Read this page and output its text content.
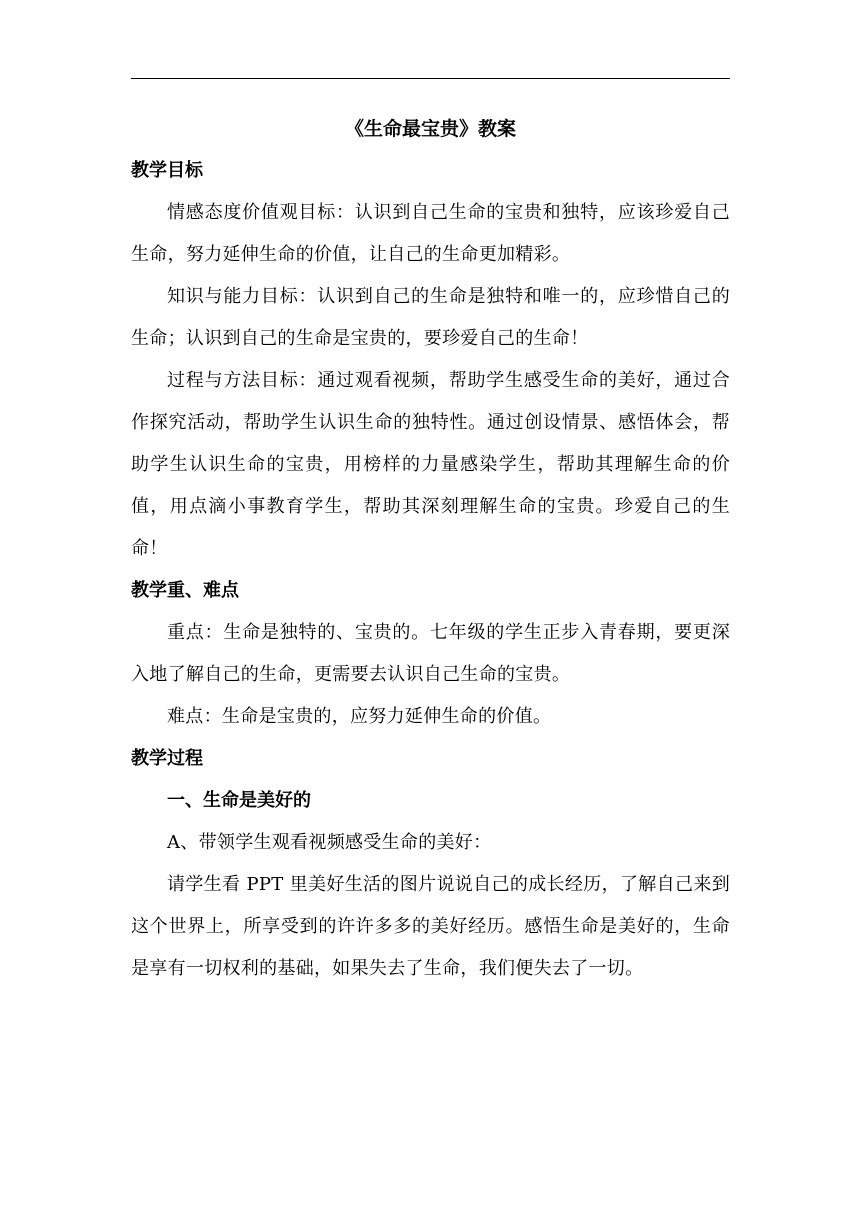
《生命最宝贵》教案

教学目标

情感态度价值观目标：认识到自己生命的宝贵和独特，应该珍爱自己生命，努力延伸生命的价值，让自己的生命更加精彩。

知识与能力目标：认识到自己的生命是独特和唯一的，应珍惜自己的生命；认识到自己的生命是宝贵的，要珍爱自己的生命！

过程与方法目标：通过观看视频，帮助学生感受生命的美好，通过合作探究活动，帮助学生认识生命的独特性。通过创设情景、感悟体会，帮助学生认识生命的宝贵，用榜样的力量感染学生，帮助其理解生命的价值，用点滴小事教育学生，帮助其深刻理解生命的宝贵。珍爱自己的生命！

教学重、难点

重点：生命是独特的、宝贵的。七年级的学生正步入青春期，要更深入地了解自己的生命，更需要去认识自己生命的宝贵。

难点：生命是宝贵的，应努力延伸生命的价值。

教学过程

一、生命是美好的

A、带领学生观看视频感受生命的美好：

请学生看 PPT 里美好生活的图片说说自己的成长经历，了解自己来到这个世界上，所享受到的许许多多的美好经历。感悟生命是美好的，生命是享有一切权利的基础，如果失去了生命，我们便失去了一切。
